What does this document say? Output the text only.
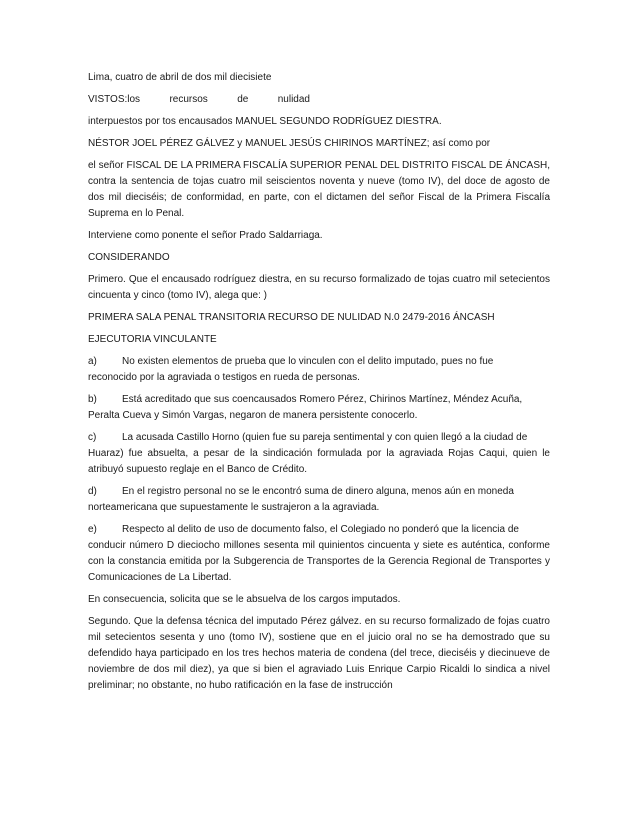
Lima, cuatro de abril de dos mil diecisiete

VISTOS:los	recursos	de	nulidad

interpuestos por tos encausados MANUEL SEGUNDO RODRÍGUEZ DIESTRA.

NÉSTOR JOEL PÉREZ GÁLVEZ y MANUEL JESÚS CHIRINOS MARTÍNEZ; así como por

el señor FISCAL DE LA PRIMERA FISCALÍA SUPERIOR PENAL DEL DISTRITO FISCAL DE ÁNCASH, contra la sentencia de tojas cuatro mil seiscientos noventa y nueve (tomo IV), del doce de agosto de dos mil dieciséis; de conformidad, en parte, con el dictamen del señor Fiscal de la Primera Fiscalía Suprema en lo Penal.

Interviene como ponente el señor Prado Saldarriaga.

CONSIDERANDO

Primero. Que el encausado rodríguez diestra, en su recurso formalizado de tojas cuatro mil setecientos cincuenta y cinco (tomo IV), alega que: )

PRIMERA SALA PENAL TRANSITORIA RECURSO DE NULIDAD N.0 2479-2016 ÁNCASH

EJECUTORIA VINCULANTE

a)	No existen elementos de prueba que lo vinculen con el delito imputado, pues no fue

reconocido por la agraviada o testigos en rueda de personas.

b)	Está acreditado que sus coencausados Romero Pérez, Chirinos Martínez, Méndez Acuña,

Peralta Cueva y Simón Vargas, negaron de manera persistente conocerlo.

c)	La acusada Castillo Horno (quien fue su pareja sentimental y con quien llegó a la ciudad de

Huaraz) fue absuelta, a pesar de la sindicación formulada por la agraviada Rojas Caqui, quien le atribuyó supuesto reglaje en el Banco de Crédito.

d)	En el registro personal no se le encontró suma de dinero alguna, menos aún en moneda

norteamericana que supuestamente le sustrajeron a la agraviada.

e)	Respecto al delito de uso de documento falso, el Colegiado no ponderó que la licencia de

conducir número D dieciocho millones sesenta mil quinientos cincuenta y siete es auténtica, conforme con la constancia emitida por la Subgerencia de Transportes de la Gerencia Regional de Transportes y Comunicaciones de La Libertad.

En consecuencia, solicita que se le absuelva de los cargos imputados.

Segundo. Que la defensa técnica del imputado Pérez gálvez. en su recurso formalizado de fojas cuatro mil setecientos sesenta y uno (tomo IV), sostiene que en el juicio oral no se ha demostrado que su defendido haya participado en los tres hechos materia de condena (del trece, dieciséis y diecinueve de noviembre de dos mil diez), ya que si bien el agraviado Luis Enrique Carpio Ricaldi lo sindica a nivel preliminar; no obstante, no hubo ratificación en la fase de instrucción
